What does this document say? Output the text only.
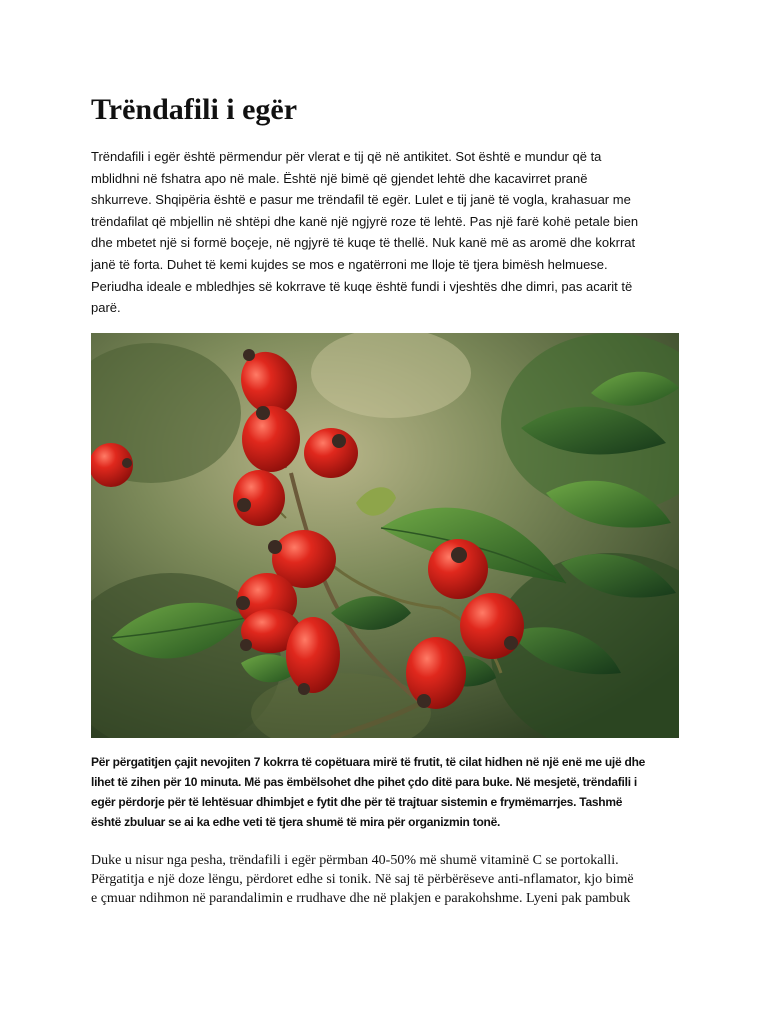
Trëndafili i egër

Trëndafili i egër është përmendur për vlerat e tij që në antikitet. Sot është e mundur që ta
mblidhni në fshatra apo në male. Është një bimë që gjendet lehtë dhe kacavirret pranë
shkurreve. Shqipëria është e pasur me trëndafil të egër. Lulet e tij janë të vogla, krahasuar me
trëndafilat që mbjellin në shtëpi dhe kanë një ngjyrë roze të lehtë. Pas një farë kohë petale bien
dhe mbetet një si formë boçeje, në ngjyrë të kuqe të thellë. Nuk kanë më as aromë dhe kokrrat
janë të forta. Duhet të kemi kujdes se mos e ngatërroni me lloje të tjera bimësh helmuese.
Periudha ideale e mbledhjes së kokrrave të kuqe është fundi i vjeshtës dhe dimri, pas acarit të
parë.

Për përgatitjen çajit nevojiten 7 kokrra të copëtuara mirë të frutit, të cilat hidhen në një enë me ujë dhe
lihet të zihen për 10 minuta. Më pas ëmbëlsohet dhe pihet çdo ditë para buke. Në mesjetë, trëndafili i
egër përdorje për të lehtësuar dhimbjet e fytit dhe për të trajtuar sistemin e frymëmarrjes. Tashmë
është zbuluar se ai ka edhe veti të tjera shumë të mira për organizmin tonë.

Duke u nisur nga pesha, trëndafili i egër përmban 40-50% më shumë vitaminë C se portokalli.
Përgatitja e një doze lëngu, përdoret edhe si tonik. Në saj të përbërëseve anti-nflamator, kjo bimë
e çmuar ndihmon në parandalimin e rrudhave dhe në plakjen e parakohshme. Lyeni pak pambuk
